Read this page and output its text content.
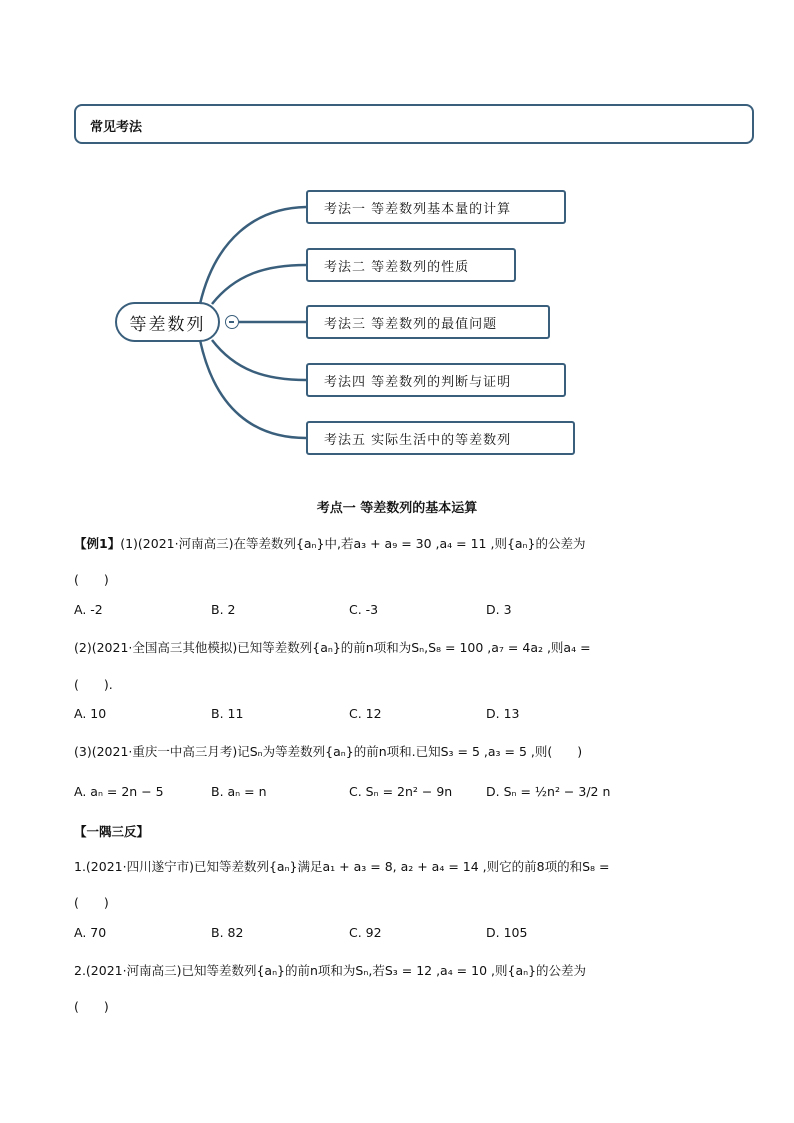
常见考法
等差数列
考法一 等差数列基本量的计算
考法二 等差数列的性质
考法三 等差数列的最值问题
考法四 等差数列的判断与证明
考法五 实际生活中的等差数列
考点一 等差数列的基本运算
【例1】(1)(2021·河南高三)在等差数列{aₙ}中,若a₃ + a₉ = 30 ,a₄ = 11 ,则{aₙ}的公差为
(　　)
A. -2	B. 2	C. -3	D. 3
(2)(2021·全国高三其他模拟)已知等差数列{aₙ}的前n项和为Sₙ,S₈ = 100 ,a₇ = 4a₂ ,则a₄ =
(　　).
A. 10	B. 11	C. 12	D. 13
(3)(2021·重庆一中高三月考)记Sₙ为等差数列{aₙ}的前n项和.已知S₃ = 5 ,a₃ = 5 ,则(　　)
A. aₙ = 2n − 5	B. aₙ = n	C. Sₙ = 2n² − 9n	D. Sₙ = ½n² − 3/2 n
【一隅三反】
1.(2021·四川遂宁市)已知等差数列{aₙ}满足a₁ + a₃ = 8, a₂ + a₄ = 14 ,则它的前8项的和S₈ =
(　　)
A. 70	B. 82	C. 92	D. 105
2.(2021·河南高三)已知等差数列{aₙ}的前n项和为Sₙ,若S₃ = 12 ,a₄ = 10 ,则{aₙ}的公差为
(　　)
